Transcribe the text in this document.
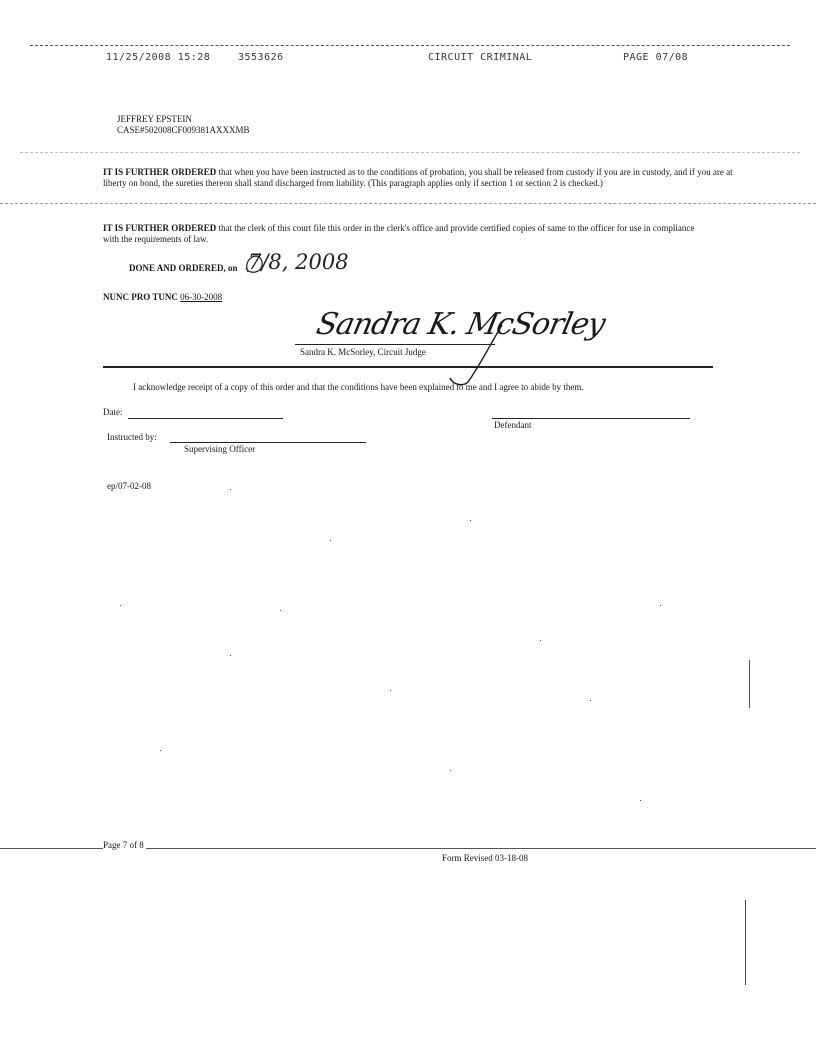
11/25/2008 15:28	3553626	CIRCUIT CRIMINAL	PAGE 07/08
JEFFREY EPSTEIN
CASE#502008CF009381AXXXMB
IT IS FURTHER ORDERED that when you have been instructed as to the conditions of probation, you shall be released from custody if you are in custody, and if you are at liberty on bond, the sureties thereon shall stand discharged from liability. (This paragraph applies only if section 1 or section 2 is checked.)
IT IS FURTHER ORDERED that the clerk of this court file this order in the clerk's office and provide certified copies of same to the officer for use in compliance with the requirements of law.
DONE AND ORDERED, on 7/8, 2008
NUNC PRO TUNC 06-30-2008
Sandra K. McSorley
Sandra K. McSorley, Circuit Judge
I acknowledge receipt of a copy of this order and that the conditions have been explained to me and I agree to abide by them.
Date:
Defendant
Instructed by:
Supervising Officer
ep/07-02-08
Page 7 of 8
Form Revised 03-18-08
